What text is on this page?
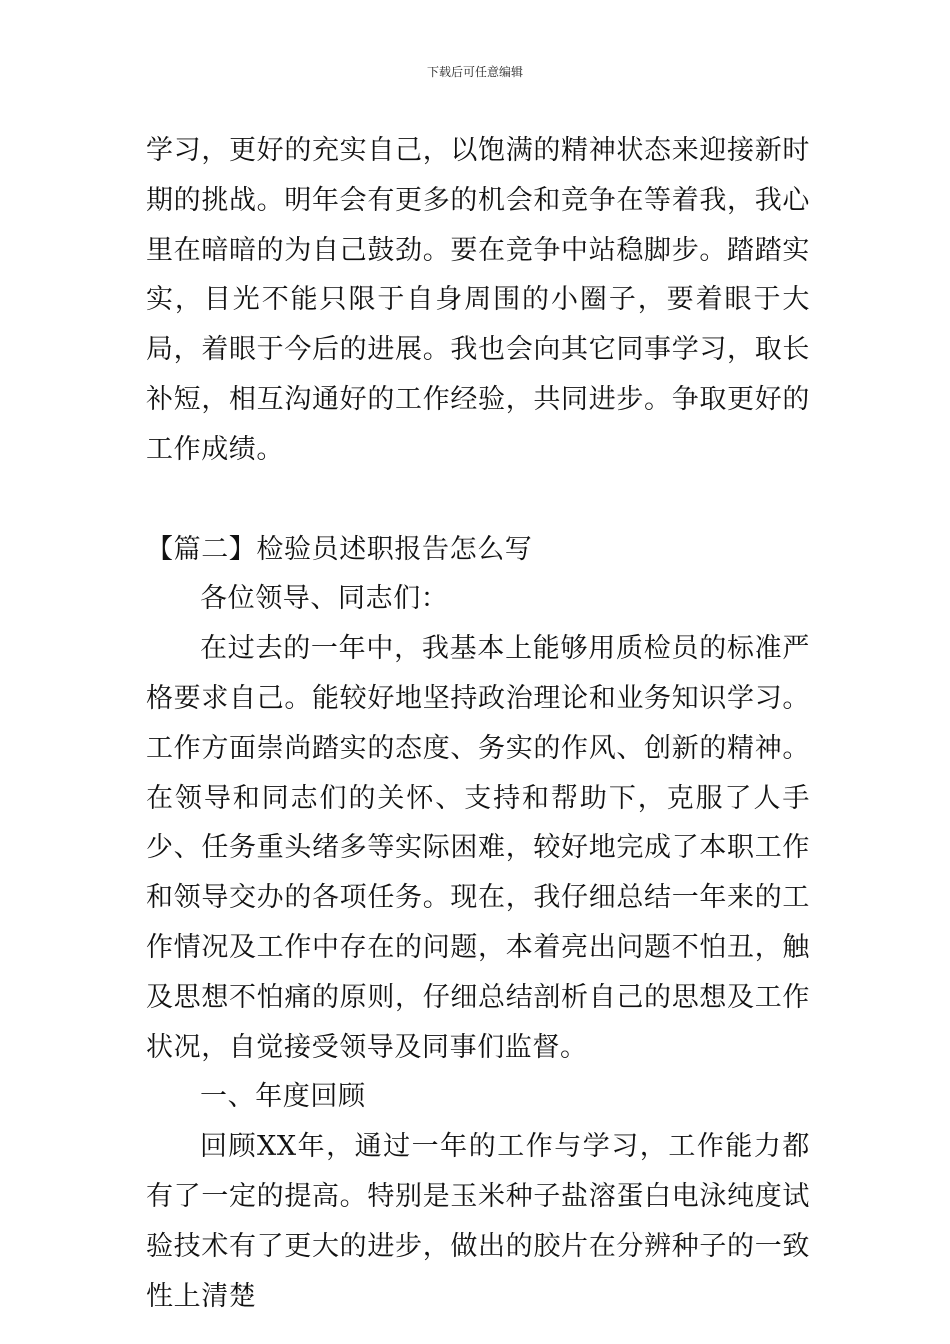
下载后可任意编辑

学习，更好的充实自己，以饱满的精神状态来迎接新时期的挑战。明年会有更多的机会和竞争在等着我，我心里在暗暗的为自己鼓劲。要在竞争中站稳脚步。踏踏实实，目光不能只限于自身周围的小圈子，要着眼于大局，着眼于今后的进展。我也会向其它同事学习，取长补短，相互沟通好的工作经验，共同进步。争取更好的工作成绩。

【篇二】检验员述职报告怎么写

各位领导、同志们：

在过去的一年中，我基本上能够用质检员的标准严格要求自己。能较好地坚持政治理论和业务知识学习。工作方面崇尚踏实的态度、务实的作风、创新的精神。在领导和同志们的关怀、支持和帮助下，克服了人手少、任务重头绪多等实际困难，较好地完成了本职工作和领导交办的各项任务。现在，我仔细总结一年来的工作情况及工作中存在的问题，本着亮出问题不怕丑，触及思想不怕痛的原则，仔细总结剖析自己的思想及工作状况，自觉接受领导及同事们监督。

一、年度回顾

回顾XX年，通过一年的工作与学习，工作能力都有了一定的提高。特别是玉米种子盐溶蛋白电泳纯度试验技术有了更大的进步，做出的胶片在分辨种子的一致性上清楚
